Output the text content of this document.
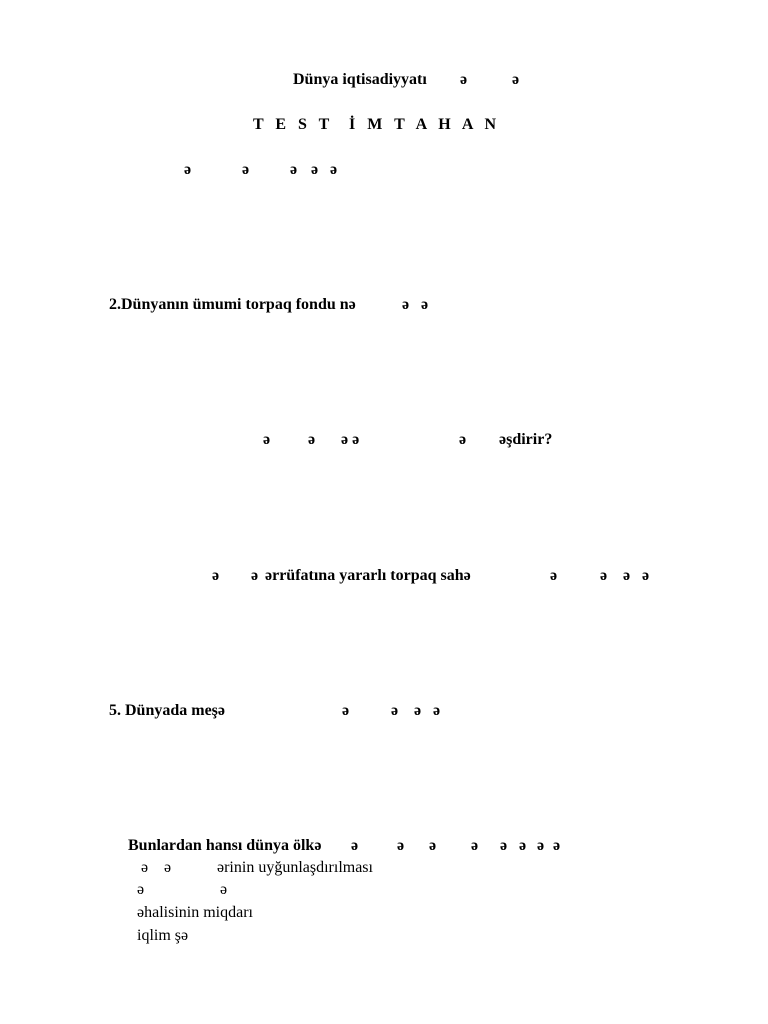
Dünya iqtisadiyyatı ə	ə
T E S T  İ M T A H A N
ə	ə	ə ə ə
2.Dünyanın ümumi torpaq fondu nə	ə ə
ə ə ə ə	ə əşdirir?
ə ə ərrüfatına yararlı torpaq sahə	ə	ə ə ə
5. Dünyada meşə	ə	ə ə ə
Bunlardan hansı dünya ölkə ə ə ə ə ə ə ə ə
ə ə	ərinin uyğunlaşdırılması
ə	ə
əhalisinin miqdarı
iqlim şə
